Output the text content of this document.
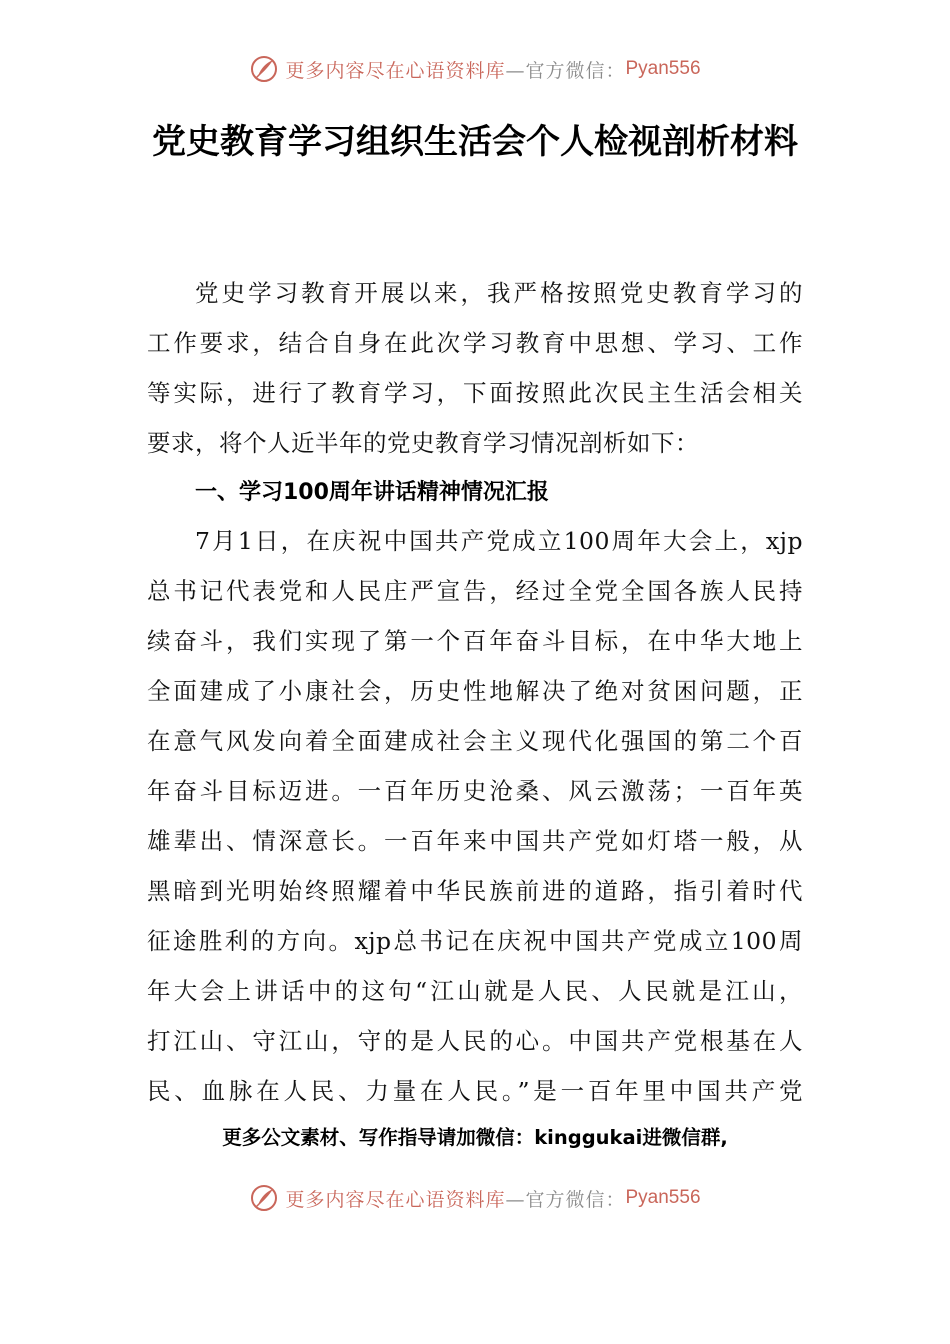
更多内容尽在心语资料库 —官方微信： Pyan556
党史教育学习组织生活会个人检视剖析材料
党史学习教育开展以来，我严格按照党史教育学习的
工作要求，结合自身在此次学习教育中思想、学习、工作
等实际，进行了教育学习，下面按照此次民主生活会相关
要求，将个人近半年的党史教育学习情况剖析如下：
一、学习100周年讲话精神情况汇报
7月1日，在庆祝中国共产党成立100周年大会上，xjp
总书记代表党和人民庄严宣告，经过全党全国各族人民持
续奋斗，我们实现了第一个百年奋斗目标，在中华大地上
全面建成了小康社会，历史性地解决了绝对贫困问题，正
在意气风发向着全面建成社会主义现代化强国的第二个百
年奋斗目标迈进。一百年历史沧桑、风云激荡；一百年英
雄辈出、情深意长。一百年来中国共产党如灯塔一般，从
黑暗到光明始终照耀着中华民族前进的道路，指引着时代
征途胜利的方向。xjp总书记在庆祝中国共产党成立100周
年大会上讲话中的这句“江山就是人民、人民就是江山，
打江山、守江山，守的是人民的心。中国共产党根基在人
民、血脉在人民、力量在人民。”是一百年里中国共产党
更多公文素材、写作指导请加微信：kinggukai进微信群,
更多内容尽在心语资料库 —官方微信： Pyan556
